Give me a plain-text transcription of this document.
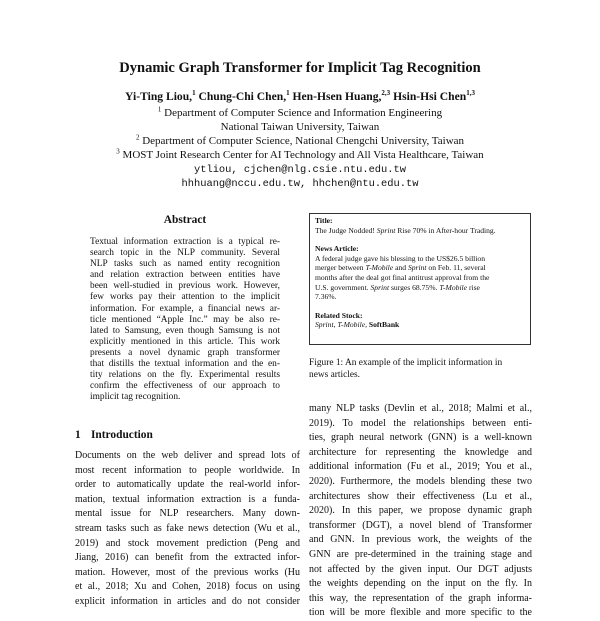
Dynamic Graph Transformer for Implicit Tag Recognition
Yi-Ting Liou,$^1$ Chung-Chi Chen,$^1$ Hen-Hsen Huang,$^{2,3}$ Hsin-Hsi Chen$^{1,3}$
$^1$ Department of Computer Science and Information Engineering
National Taiwan University, Taiwan
$^2$ Department of Computer Science, National Chengchi University, Taiwan
$^3$ MOST Joint Research Center for AI Technology and All Vista Healthcare, Taiwan
ytliou, cjchen@nlg.csie.ntu.edu.tw
hhhuang@nccu.edu.tw, hhchen@ntu.edu.tw
Abstract
Textual information extraction is a typical re-
search topic in the NLP community. Several
NLP tasks such as named entity recognition
and relation extraction between entities have
been well-studied in previous work. However,
few works pay their attention to the implicit
information. For example, a financial news ar-
ticle mentioned “Apple Inc.” may be also re-
lated to Samsung, even though Samsung is not
explicitly mentioned in this article. This work
presents a novel dynamic graph transformer
that distills the textual information and the en-
tity relations on the fly. Experimental results
confirm the effectiveness of our approach to
implicit tag recognition.
1 Introduction
Documents on the web deliver and spread lots of
most recent information to people worldwide. In
order to automatically update the real-world infor-
mation, textual information extraction is a funda-
mental issue for NLP researchers. Many down-
stream tasks such as fake news detection (Wu et al.,
2019) and stock movement prediction (Peng and
Jiang, 2016) can benefit from the extracted infor-
mation. However, most of the previous works (Hu
et al., 2018; Xu and Cohen, 2018) focus on using
explicit information in articles and do not consider
Title:
The Judge Nodded! Sprint Rise 70% in After-hour Trading.
News Article:
A federal judge gave his blessing to the US$26.5 billion
merger between T-Mobile and Sprint on Feb. 11, several
months after the deal got final antitrust approval from the
U.S. government. Sprint surges 68.75%. T-Mobile rise
7.36%.
Related Stock:
Sprint, T-Mobile, SoftBank
Figure 1: An example of the implicit information in
news articles.
many NLP tasks (Devlin et al., 2018; Malmi et al.,
2019). To model the relationships between enti-
ties, graph neural network (GNN) is a well-known
architecture for representing the knowledge and
additional information (Fu et al., 2019; You et al.,
2020). Furthermore, the models blending these two
architectures show their effectiveness (Lu et al.,
2020). In this paper, we propose dynamic graph
transformer (DGT), a novel blend of Transformer
and GNN. In previous work, the weights of the
GNN are pre-determined in the training stage and
not affected by the given input. Our DGT adjusts
the weights depending on the input on the fly. In
this way, the representation of the graph informa-
tion will be more flexible and more specific to the
